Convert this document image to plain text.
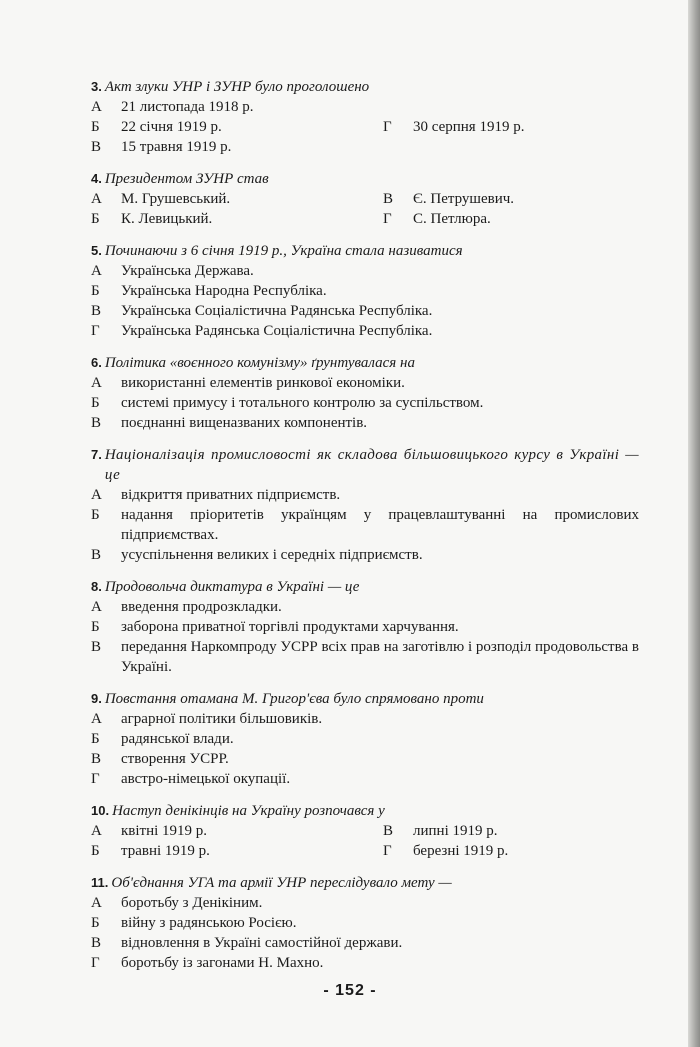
3. Акт злуки УНР і ЗУНР було проголошено
А	21 листопада 1918 р.
Б	22 січня 1919 р.	Г	30 серпня 1919 р.
В	15 травня 1919 р.
4. Президентом ЗУНР став
А	М. Грушевський.	В	Є. Петрушевич.
Б	К. Левицький.	Г	С. Петлюра.
5. Починаючи з 6 січня 1919 р., Україна стала називатися
А	Українська Держава.
Б	Українська Народна Республіка.
В	Українська Соціалістична Радянська Республіка.
Г	Українська Радянська Соціалістична Республіка.
6. Політика «воєнного комунізму» ґрунтувалася на
А	використанні елементів ринкової економіки.
Б	системі примусу і тотального контролю за суспільством.
В	поєднанні вищеназваних компонентів.
7. Націоналізація промисловості як складова більшовицького курсу в Україні — це
А	відкриття приватних підприємств.
Б	надання пріоритетів українцям у працевлаштуванні на промислових підприємствах.
В	усуспільнення великих і середніх підприємств.
8. Продовольча диктатура в Україні — це
А	введення продрозкладки.
Б	заборона приватної торгівлі продуктами харчування.
В	передання Наркомпроду УСРР всіх прав на заготівлю і розподіл продовольства в Україні.
9. Повстання отамана М. Григор'єва було спрямовано проти
А	аграрної політики більшовиків.
Б	радянської влади.
В	створення УСРР.
Г	австро-німецької окупації.
10. Наступ денікінців на Україну розпочався у
А	квітні 1919 р.	В	липні 1919 р.
Б	травні 1919 р.	Г	березні 1919 р.
11. Об'єднання УГА та армії УНР переслідувало мету —
А	боротьбу з Денікіним.
Б	війну з радянською Росією.
В	відновлення в Україні самостійної держави.
Г	боротьбу із загонами Н. Махно.
- 152 -
